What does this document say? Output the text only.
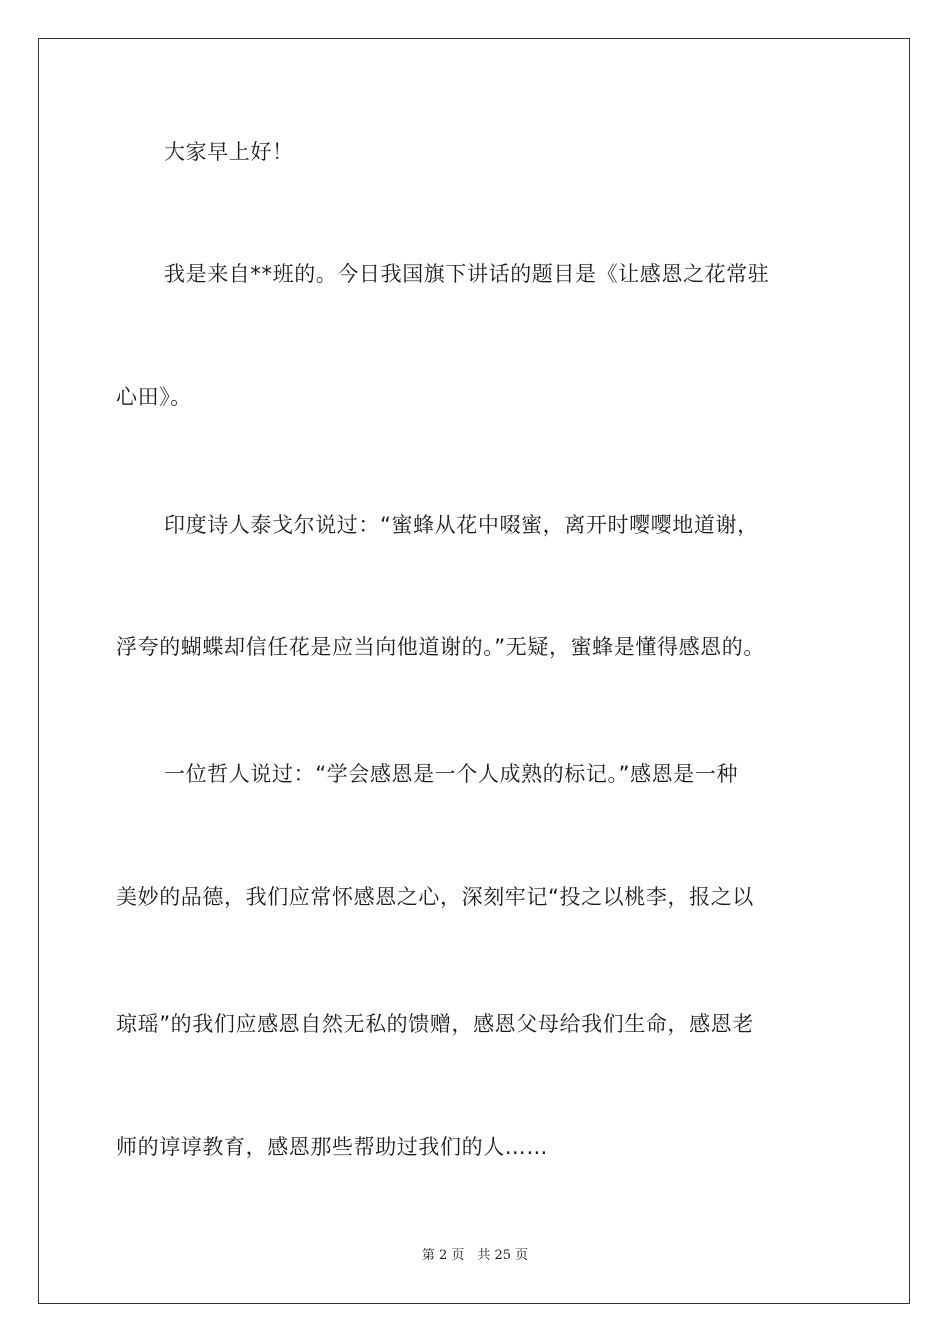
大家早上好！
我是来自**班的。今日我国旗下讲话的题目是《让感恩之花常驻
心田》。
印度诗人泰戈尔说过：“蜜蜂从花中啜蜜，离开时嘤嘤地道谢，
浮夸的蝴蝶却信任花是应当向他道谢的。”无疑，蜜蜂是懂得感恩的。
一位哲人说过：“学会感恩是一个人成熟的标记。”感恩是一种
美妙的品德，我们应常怀感恩之心，深刻牢记“投之以桃李，报之以
琼瑶”的我们应感恩自然无私的馈赠，感恩父母给我们生命，感恩老
师的谆谆教育，感恩那些帮助过我们的人……
第 2 页　共 25 页
